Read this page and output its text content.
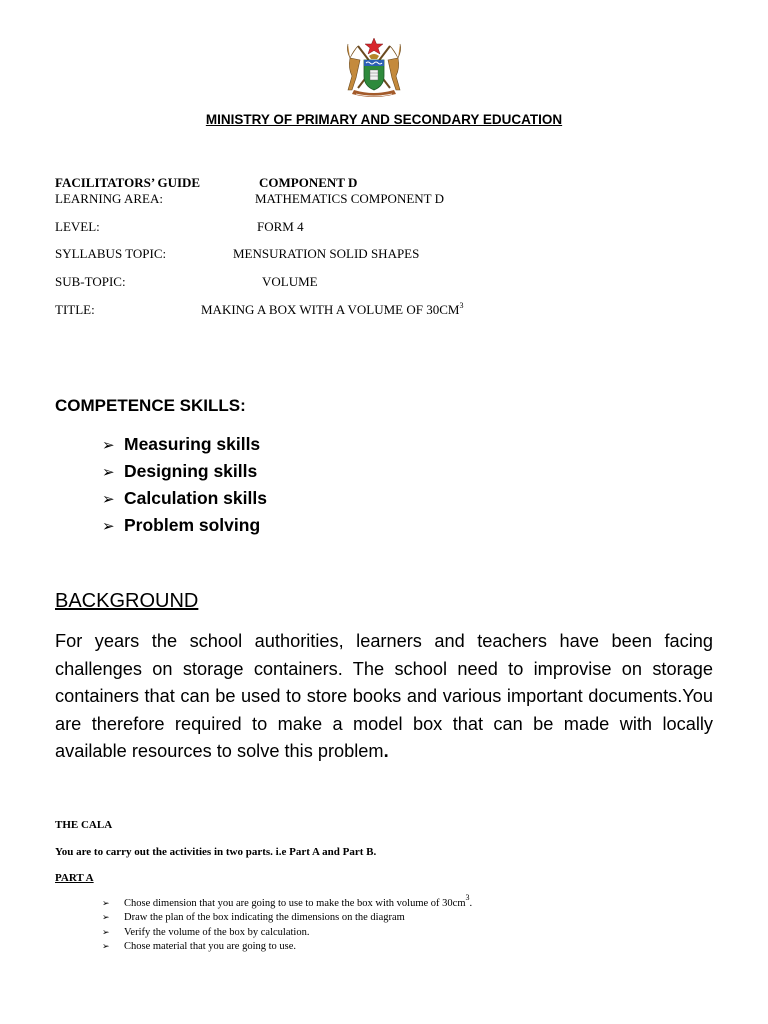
MINISTRY OF PRIMARY AND SECONDARY EDUCATION
FACILITATORS’ GUIDE	COMPONENT D
LEARNING AREA:	MATHEMATICS COMPONENT D
LEVEL:	FORM 4
SYLLABUS TOPIC:	MENSURATION SOLID SHAPES
SUB-TOPIC:	VOLUME
TITLE:	MAKING A BOX WITH A VOLUME OF $30CM^3$
COMPETENCE SKILLS:
➢ Measuring skills
➢ Designing skills
➢ Calculation skills
➢ Problem solving
BACKGROUND
For years the school authorities, learners and teachers have been facing challenges on storage containers. The school need to improvise on storage containers that can be used to store books and various important documents.You are therefore required to make a model box that can be made with locally available resources to solve this problem.
THE CALA
You are to carry out the activities in two parts. i.e Part A and Part B.
PART A
➢	Chose dimension that you are going to use to make the box with volume of $30cm^3$.
➢	Draw the plan of the box indicating the dimensions on the diagram
➢	Verify the volume of the box by calculation.
➢	Chose material that you are going to use.
